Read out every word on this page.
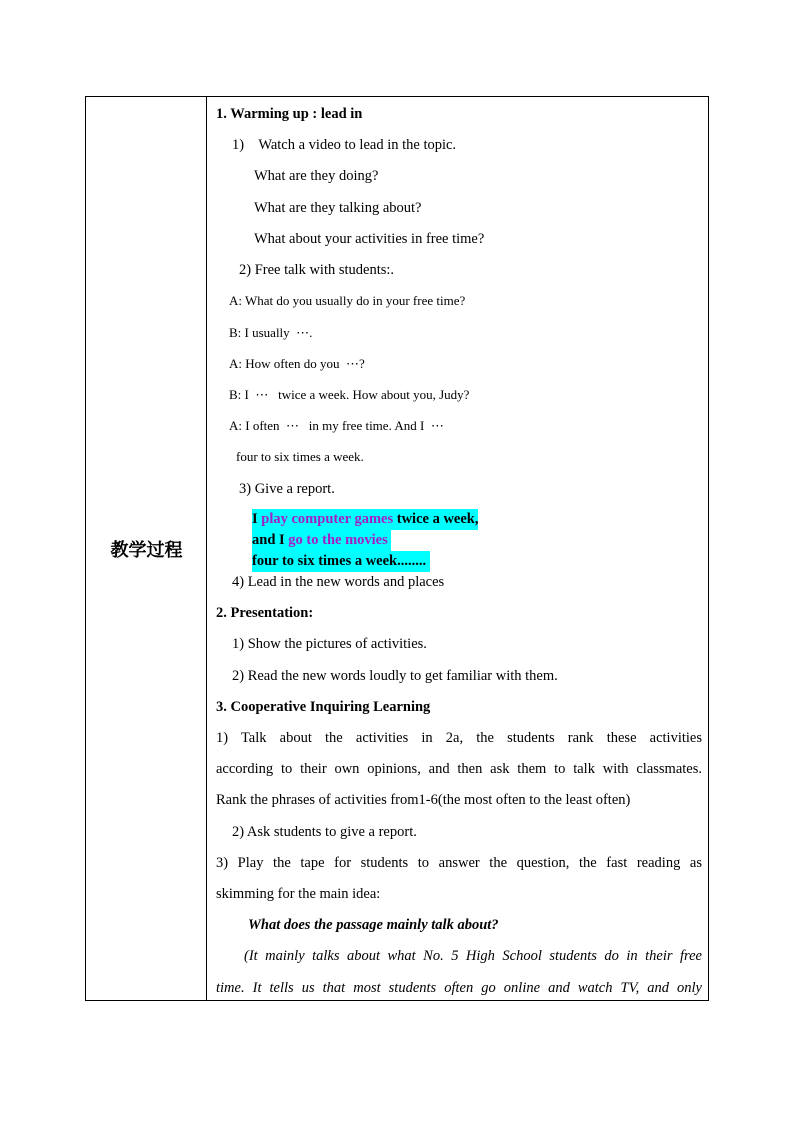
教学过程
1. Warming up : lead in
1)    Watch a video to lead in the topic.
What are they doing?
What are they talking about?
What about your activities in free time?
2) Free talk with students:.
A: What do you usually do in your free time?
B: I usually  ⋯.
A: How often do you  ⋯?
B: I  ⋯   twice a week. How about you, Judy?
A: I often  ⋯   in my free time. And I  ⋯
four to six times a week.
3) Give a report.
I play computer games twice a week,
and I go to the movies
four to six times a week........
4) Lead in the new words and places
2. Presentation:
1) Show the pictures of activities.
2) Read the new words loudly to get familiar with them.
3. Cooperative Inquiring Learning
1) Talk about the activities in 2a, the students rank these activities
according to their own opinions, and then ask them to talk with classmates.
Rank the phrases of activities from1-6(the most often to the least often)
2) Ask students to give a report.
3) Play the tape for students to answer the question, the fast reading as
skimming for the main idea:
What does the passage mainly talk about?
(It mainly talks about what No. 5 High School students do in their free
time. It tells us that most students often go online and watch TV, and only
